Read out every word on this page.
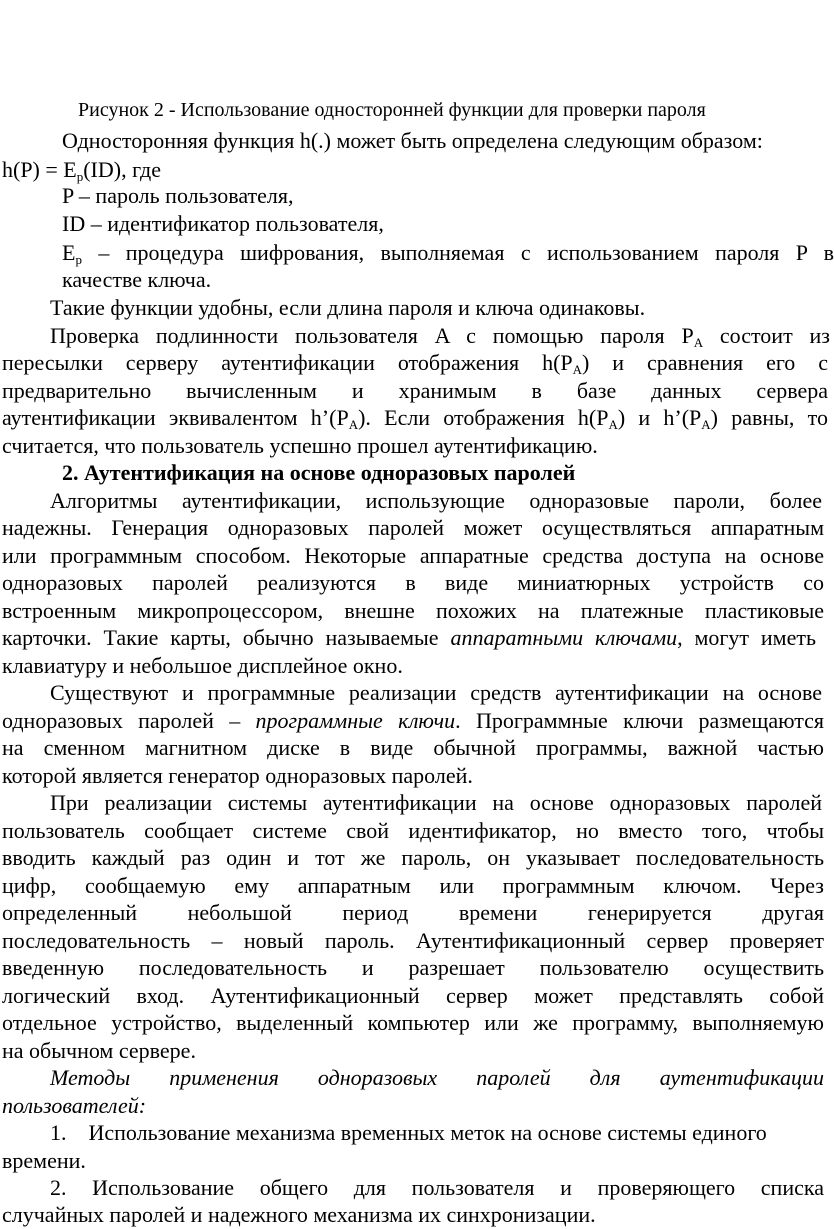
Рисунок 2 - Использование односторонней функции для проверки пароля
Односторонняя функция h(.) может быть определена следующим образом:
$h(P) = E_p(ID)$, где
P – пароль пользователя,
ID – идентификатор пользователя,
$E_p$ – процедура шифрования, выполняемая с использованием пароля P в
качестве ключа.
Такие функции удобны, если длина пароля и ключа одинаковы.
Проверка подлинности пользователя A с помощью пароля $P_A$ состоит из
пересылки серверу аутентификации отображения $h(P_A)$ и сравнения его с
предварительно вычисленным и хранимым в базе данных сервера
аутентификации эквивалентом $h’(P_A)$. Если отображения $h(P_A)$ и $h’(P_A)$ равны, то
считается, что пользователь успешно прошел аутентификацию.
2. Аутентификация на основе одноразовых паролей
Алгоритмы аутентификации, использующие одноразовые пароли, более
надежны. Генерация одноразовых паролей может осуществляться аппаратным
или программным способом. Некоторые аппаратные средства доступа на основе
одноразовых паролей реализуются в виде миниатюрных устройств со
встроенным микропроцессором, внешне похожих на платежные пластиковые
карточки. Такие карты, обычно называемые аппаратными ключами, могут иметь
клавиатуру и небольшое дисплейное окно.
Существуют и программные реализации средств аутентификации на основе
одноразовых паролей – программные ключи. Программные ключи размещаются
на сменном магнитном диске в виде обычной программы, важной частью
которой является генератор одноразовых паролей.
При реализации системы аутентификации на основе одноразовых паролей
пользователь сообщает системе свой идентификатор, но вместо того, чтобы
вводить каждый раз один и тот же пароль, он указывает последовательность
цифр, сообщаемую ему аппаратным или программным ключом. Через
определенный небольшой период времени генерируется другая
последовательность – новый пароль. Аутентификационный сервер проверяет
введенную последовательность и разрешает пользователю осуществить
логический вход. Аутентификационный сервер может представлять собой
отдельное устройство, выделенный компьютер или же программу, выполняемую
на обычном сервере.
Методы применения одноразовых паролей для аутентификации
пользователей:
1.    Использование механизма временных меток на основе системы единого
времени.
2. Использование общего для пользователя и проверяющего списка
случайных паролей и надежного механизма их синхронизации.
